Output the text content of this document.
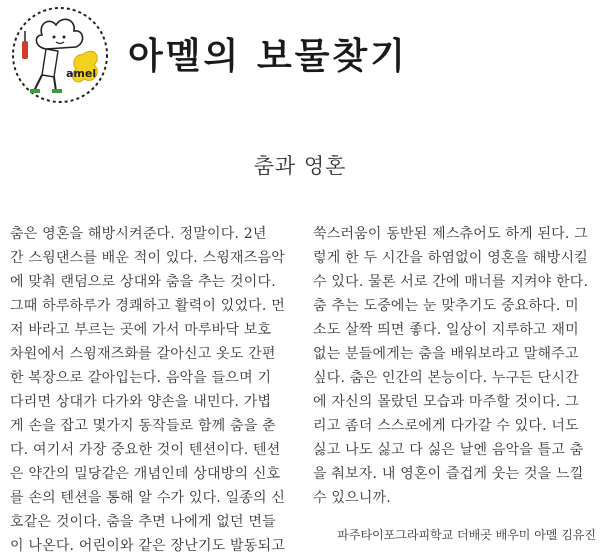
amel 아멜의 보물찾기
춤과 영혼
춤은 영혼을 해방시켜준다. 정말이다. 2년
간 스윙댄스를 배운 적이 있다. 스윙재즈음악
에 맞춰 랜덤으로 상대와 춤을 추는 것이다.
그때 하루하루가 경쾌하고 활력이 있었다. 먼
저 바라고 부르는 곳에 가서 마루바닥 보호
차원에서 스윙재즈화를 갈아신고 옷도 간편
한 복장으로 갈아입는다. 음악을 들으며 기
다리면 상대가 다가와 양손을 내민다. 가볍
게 손을 잡고 몇가지 동작들로 함께 춤을 춘
다. 여기서 가장 중요한 것이 텐션이다. 텐션
은 약간의 밀당같은 개념인데 상대방의 신호
를 손의 텐션을 통해 알 수가 있다. 일종의 신
호같은 것이다. 춤을 추면 나에게 없던 면들
이 나온다. 어린이와 같은 장난기도 발동되고
쑥스러움이 동반된 제스츄어도 하게 된다. 그
렇게 한 두 시간을 하염없이 영혼을 해방시킬
수 있다. 물론 서로 간에 매너를 지켜야 한다.
춤 추는 도중에는 눈 맞추기도 중요하다. 미
소도 살짝 띄면 좋다. 일상이 지루하고 재미
없는 분들에게는 춤을 배워보라고 말해주고
싶다. 춤은 인간의 본능이다. 누구든 단시간
에 자신의 몰랐던 모습과 마주할 것이다. 그
리고 좀더 스스로에게 다가갈 수 있다. 너도
싫고 나도 싫고 다 싫은 날엔 음악을 틀고 춤
을 춰보자. 내 영혼이 즐겁게 웃는 것을 느낄
수 있으니까.
파주타이포그라피학교 더배곳 배우미 아멜 김유진
